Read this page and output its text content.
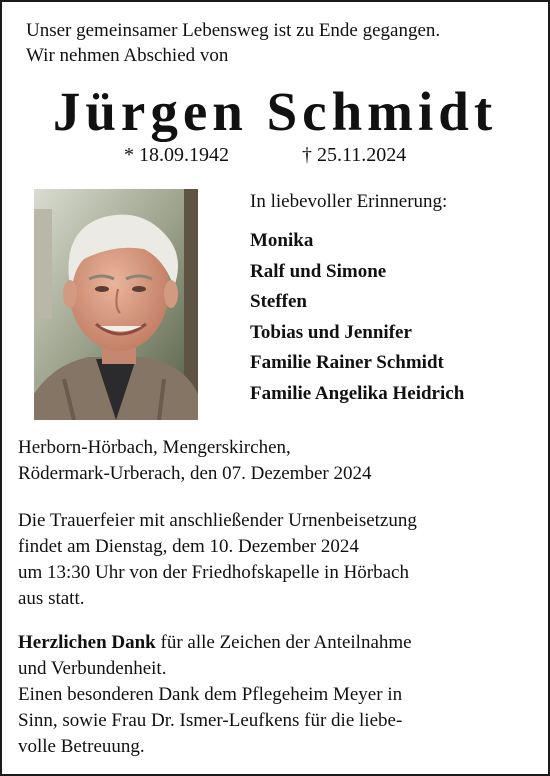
Unser gemeinsamer Lebensweg ist zu Ende gegangen.
Wir nehmen Abschied von
Jürgen Schmidt
* 18.09.1942	† 25.11.2024
In liebevoller Erinnerung:
Monika
Ralf und Simone
Steffen
Tobias und Jennifer
Familie Rainer Schmidt
Familie Angelika Heidrich
Herborn-Hörbach, Mengerskirchen,
Rödermark-Urberach, den 07. Dezember 2024
Die Trauerfeier mit anschließender Urnenbeisetzung
findet am Dienstag, dem 10. Dezember 2024
um 13:30 Uhr von der Friedhofskapelle in Hörbach
aus statt.
Herzlichen Dank für alle Zeichen der Anteilnahme
und Verbundenheit.
Einen besonderen Dank dem Pflegeheim Meyer in
Sinn, sowie Frau Dr. Ismer-Leufkens für die liebe-
volle Betreuung.
